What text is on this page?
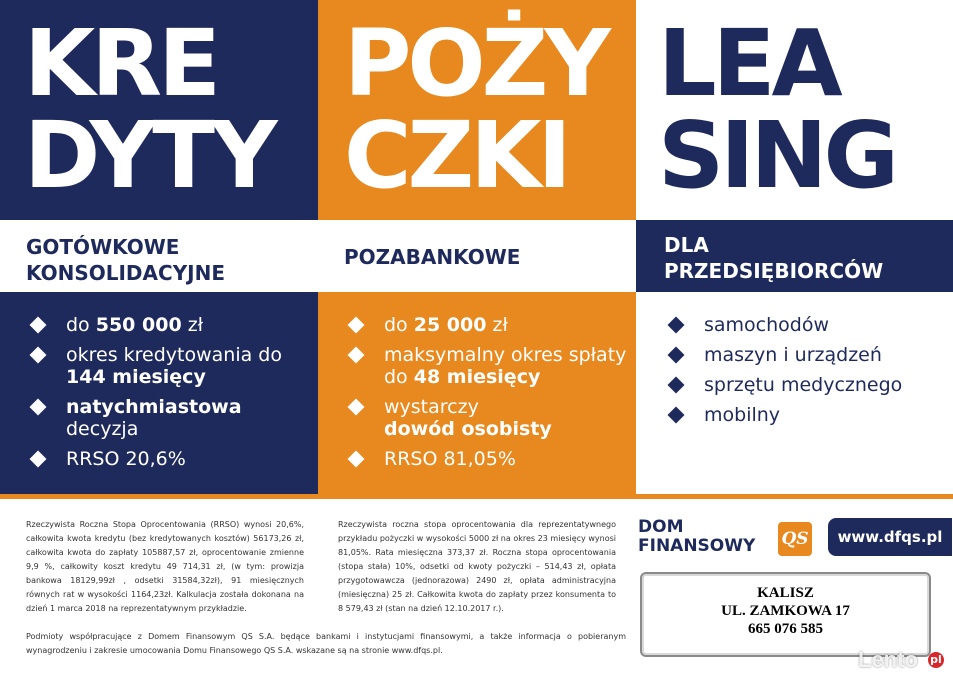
KRE
DYTY
GOTÓWKOWE
KONSOLIDACYJNE
do 550 000 zł
okres kredytowania do 144 miesięcy
natychmiastowa
decyzja
RRSO 20,6%
POŻY
CZKI
POZABANKOWE
do 25 000 zł
maksymalny okres spłaty do 48 miesięcy
wystarczy
dowód osobisty
RRSO 81,05%
LEA
SING
DLA
PRZEDSIĘBIORCÓW
samochodów
maszyn i urządzeń
sprzętu medycznego
mobilny

Rzeczywista Roczna Stopa Oprocentowania (RRSO) wynosi 20,6%, całkowita kwota kredytu (bez kredytowanych kosztów) 56173,26 zł, całkowita kwota do zapłaty 105887,57 zł, oprocentowanie zmienne 9,9 %, całkowity koszt kredytu 49 714,31 zł, (w tym: prowizja bankowa 18129,99zł , odsetki 31584,32zł), 91 miesięcznych równych rat w wysokości 1164,23zł. Kalkulacja została dokonana na dzień 1 marca 2018 na reprezentatywnym przykładzie.

Rzeczywista roczna stopa oprocentowania dla reprezentatywnego przykładu pożyczki w wysokości 5000 zł na okres 23 miesięcy wynosi 81,05%. Rata miesięczna 373,37 zł. Roczna stopa oprocentowania (stopa stała) 10%, odsetki od kwoty pożyczki – 514,43 zł, opłata przygotowawcza (jednorazowa) 2490 zł, opłata administracyjna (miesięczna) 25 zł. Całkowita kwota do zapłaty przez konsumenta to 8 579,43 zł (stan na dzień 12.10.2017 r.).

Podmioty współpracujące z Domem Finansowym QS S.A. będące bankami i instytucjami finansowymi, a także informacja o pobieranym wynagrodzeniu i zakresie umocowania Domu Finansowego QS S.A. wskazane są na stronie www.dfqs.pl.

DOM
FINANSOWY QS	www.dfqs.pl
KALISZ
UL. ZAMKOWA 17
665 076 585
Lento pl
